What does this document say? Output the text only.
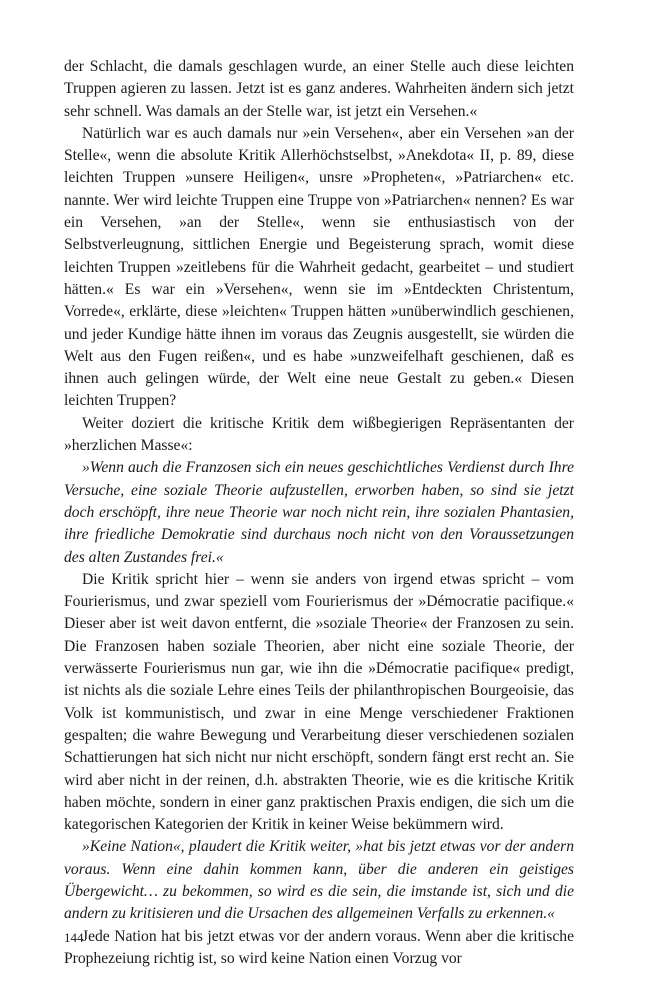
der Schlacht, die damals geschlagen wurde, an einer Stelle auch diese leichten Truppen agieren zu lassen. Jetzt ist es ganz anderes. Wahrheiten ändern sich jetzt sehr schnell. Was damals an der Stelle war, ist jetzt ein Versehen.«

Natürlich war es auch damals nur »ein Versehen«, aber ein Versehen »an der Stelle«, wenn die absolute Kritik Allerhöchstselbst, »Anekdota« II, p. 89, diese leichten Truppen »unsere Heiligen«, unsre »Propheten«, »Patriarchen« etc. nannte. Wer wird leichte Truppen eine Truppe von »Patriarchen« nennen? Es war ein Versehen, »an der Stelle«, wenn sie enthusiastisch von der Selbstverleugnung, sittlichen Energie und Begeisterung sprach, womit diese leichten Truppen »zeitlebens für die Wahrheit gedacht, gearbeitet – und studiert hätten.« Es war ein »Versehen«, wenn sie im »Entdeckten Christentum, Vorrede«, erklärte, diese »leichten« Truppen hätten »unüberwindlich geschienen, und jeder Kundige hätte ihnen im voraus das Zeugnis ausgestellt, sie würden die Welt aus den Fugen reißen«, und es habe »unzweifelhaft geschienen, daß es ihnen auch gelingen würde, der Welt eine neue Gestalt zu geben.« Diesen leichten Truppen?

Weiter doziert die kritische Kritik dem wißbegierigen Repräsentanten der »herzlichen Masse«:

»Wenn auch die Franzosen sich ein neues geschichtliches Verdienst durch Ihre Versuche, eine soziale Theorie aufzustellen, erworben haben, so sind sie jetzt doch erschöpft, ihre neue Theorie war noch nicht rein, ihre sozialen Phantasien, ihre friedliche Demokratie sind durchaus noch nicht von den Voraussetzungen des alten Zustandes frei.«

Die Kritik spricht hier – wenn sie anders von irgend etwas spricht – vom Fourierismus, und zwar speziell vom Fourierismus der »Démocratie pacifique.« Dieser aber ist weit davon entfernt, die »soziale Theorie« der Franzosen zu sein. Die Franzosen haben soziale Theorien, aber nicht eine soziale Theorie, der verwässerte Fourierismus nun gar, wie ihn die »Démocratie pacifique« predigt, ist nichts als die soziale Lehre eines Teils der philanthropischen Bourgeoisie, das Volk ist kommunistisch, und zwar in eine Menge verschiedener Fraktionen gespalten; die wahre Bewegung und Verarbeitung dieser verschiedenen sozialen Schattierungen hat sich nicht nur nicht erschöpft, sondern fängt erst recht an. Sie wird aber nicht in der reinen, d.h. abstrakten Theorie, wie es die kritische Kritik haben möchte, sondern in einer ganz praktischen Praxis endigen, die sich um die kategorischen Kategorien der Kritik in keiner Weise bekümmern wird.

»Keine Nation«, plaudert die Kritik weiter, »hat bis jetzt etwas vor der andern voraus. Wenn eine dahin kommen kann, über die anderen ein geistiges Übergewicht… zu bekommen, so wird es die sein, die imstande ist, sich und die andern zu kritisieren und die Ursachen des allgemeinen Verfalls zu erkennen.«

Jede Nation hat bis jetzt etwas vor der andern voraus. Wenn aber die kritische Prophezeiung richtig ist, so wird keine Nation einen Vorzug vor

144
